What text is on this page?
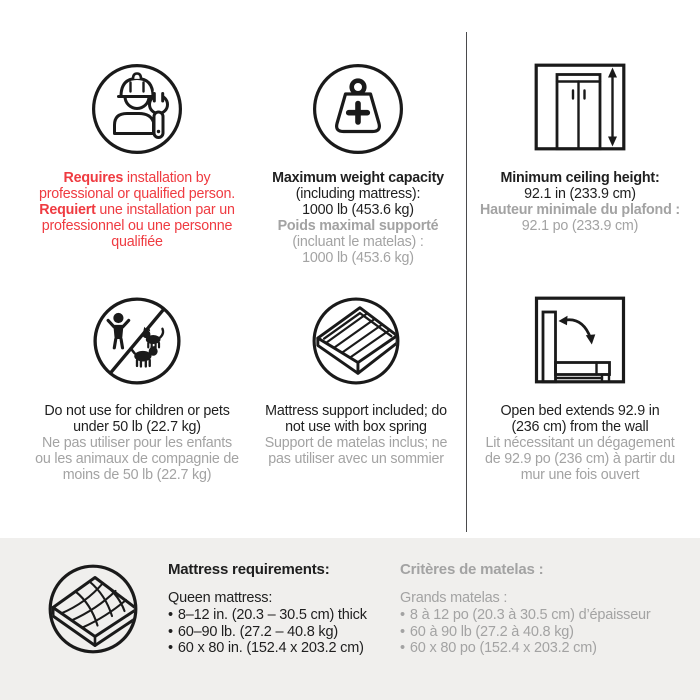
Requires installation by
professional or qualified person.
Requiert une installation par un
professionnel ou une personne
qualifiée
Maximum weight capacity
(including mattress):
1000 lb (453.6 kg)
Poids maximal supporté
(incluant le matelas) :
1000 lb (453.6 kg)
Minimum ceiling height:
92.1 in (233.9 cm)
Hauteur minimale du plafond :
92.1 po (233.9 cm)
Do not use for children or pets
under 50 lb (22.7 kg)
Ne pas utiliser pour les enfants
ou les animaux de compagnie de
moins de 50 lb (22.7 kg)
Mattress support included; do
not use with box spring
Support de matelas inclus; ne
pas utiliser avec un sommier
Open bed extends 92.9 in
(236 cm) from the wall
Lit nécessitant un dégagement
de 92.9 po (236 cm) à partir du
mur une fois ouvert
Mattress requirements:
Queen mattress:
• 8–12 in. (20.3 – 30.5 cm) thick
• 60–90 lb. (27.2 – 40.8 kg)
• 60 x 80 in. (152.4 x 203.2 cm)
Critères de matelas :
Grands matelas :
• 8 à 12 po (20.3 à 30.5 cm) d’épaisseur
• 60 à 90 lb (27.2 à 40.8 kg)
• 60 x 80 po (152.4 x 203.2 cm)
